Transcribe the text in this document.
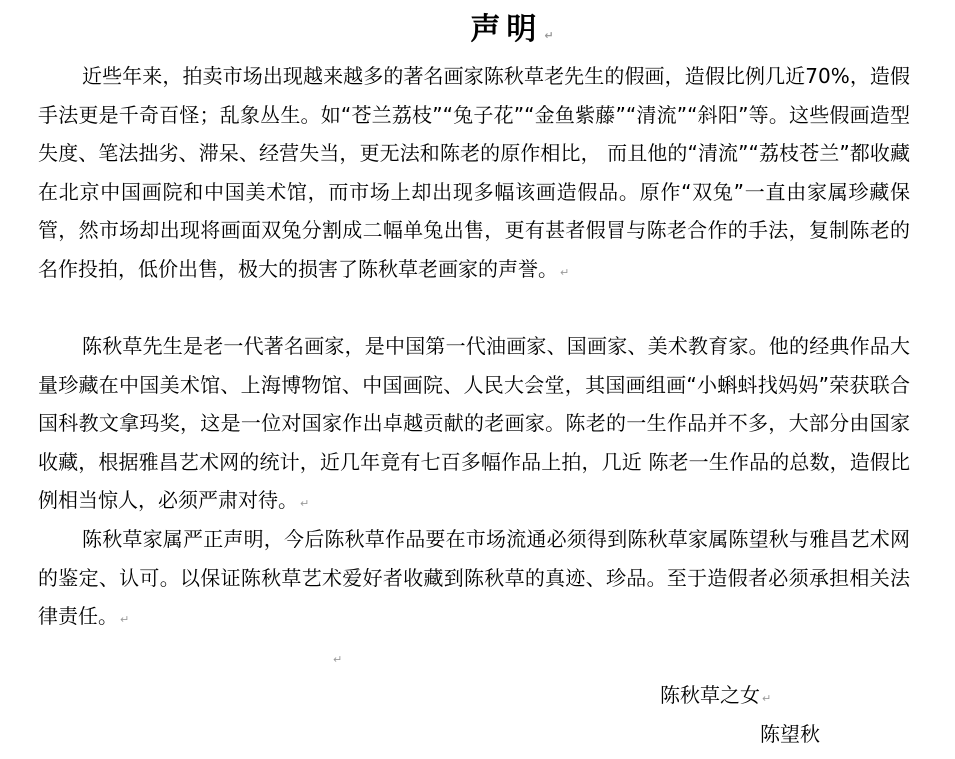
声明 ↵

近些年来，拍卖市场出现越来越多的著名画家陈秋草老先生的假画，造假比例几近70%，造假手法更是千奇百怪；乱象丛生。如“苍兰荔枝”“兔子花”“金鱼紫藤”“清流”“斜阳”等。这些假画造型失度、笔法拙劣、滞呆、经营失当，更无法和陈老的原作相比， 而且他的“清流”“荔枝苍兰”都收藏在北京中国画院和中国美术馆，而市场上却出现多幅该画造假品。原作“双兔”一直由家属珍藏保管，然市场却出现将画面双兔分割成二幅单兔出售，更有甚者假冒与陈老合作的手法，复制陈老的名作投拍，低价出售，极大的损害了陈秋草老画家的声誉。 ↵

陈秋草先生是老一代著名画家，是中国第一代油画家、国画家、美术教育家。他的经典作品大量珍藏在中国美术馆、上海博物馆、中国画院、人民大会堂，其国画组画“小蝌蚪找妈妈”荣获联合国科教文拿玛奖，这是一位对国家作出卓越贡献的老画家。陈老的一生作品并不多，大部分由国家收藏，根据雅昌艺术网的统计，近几年竟有七百多幅作品上拍，几近 陈老一生作品的总数，造假比例相当惊人，必须严肃对待。 ↵

陈秋草家属严正声明，今后陈秋草作品要在市场流通必须得到陈秋草家属陈望秋与雅昌艺术网的鉴定、认可。以保证陈秋草艺术爱好者收藏到陈秋草的真迹、珍品。至于造假者必须承担相关法律责任。 ↵

↵
陈秋草之女 ↵
陈望秋
